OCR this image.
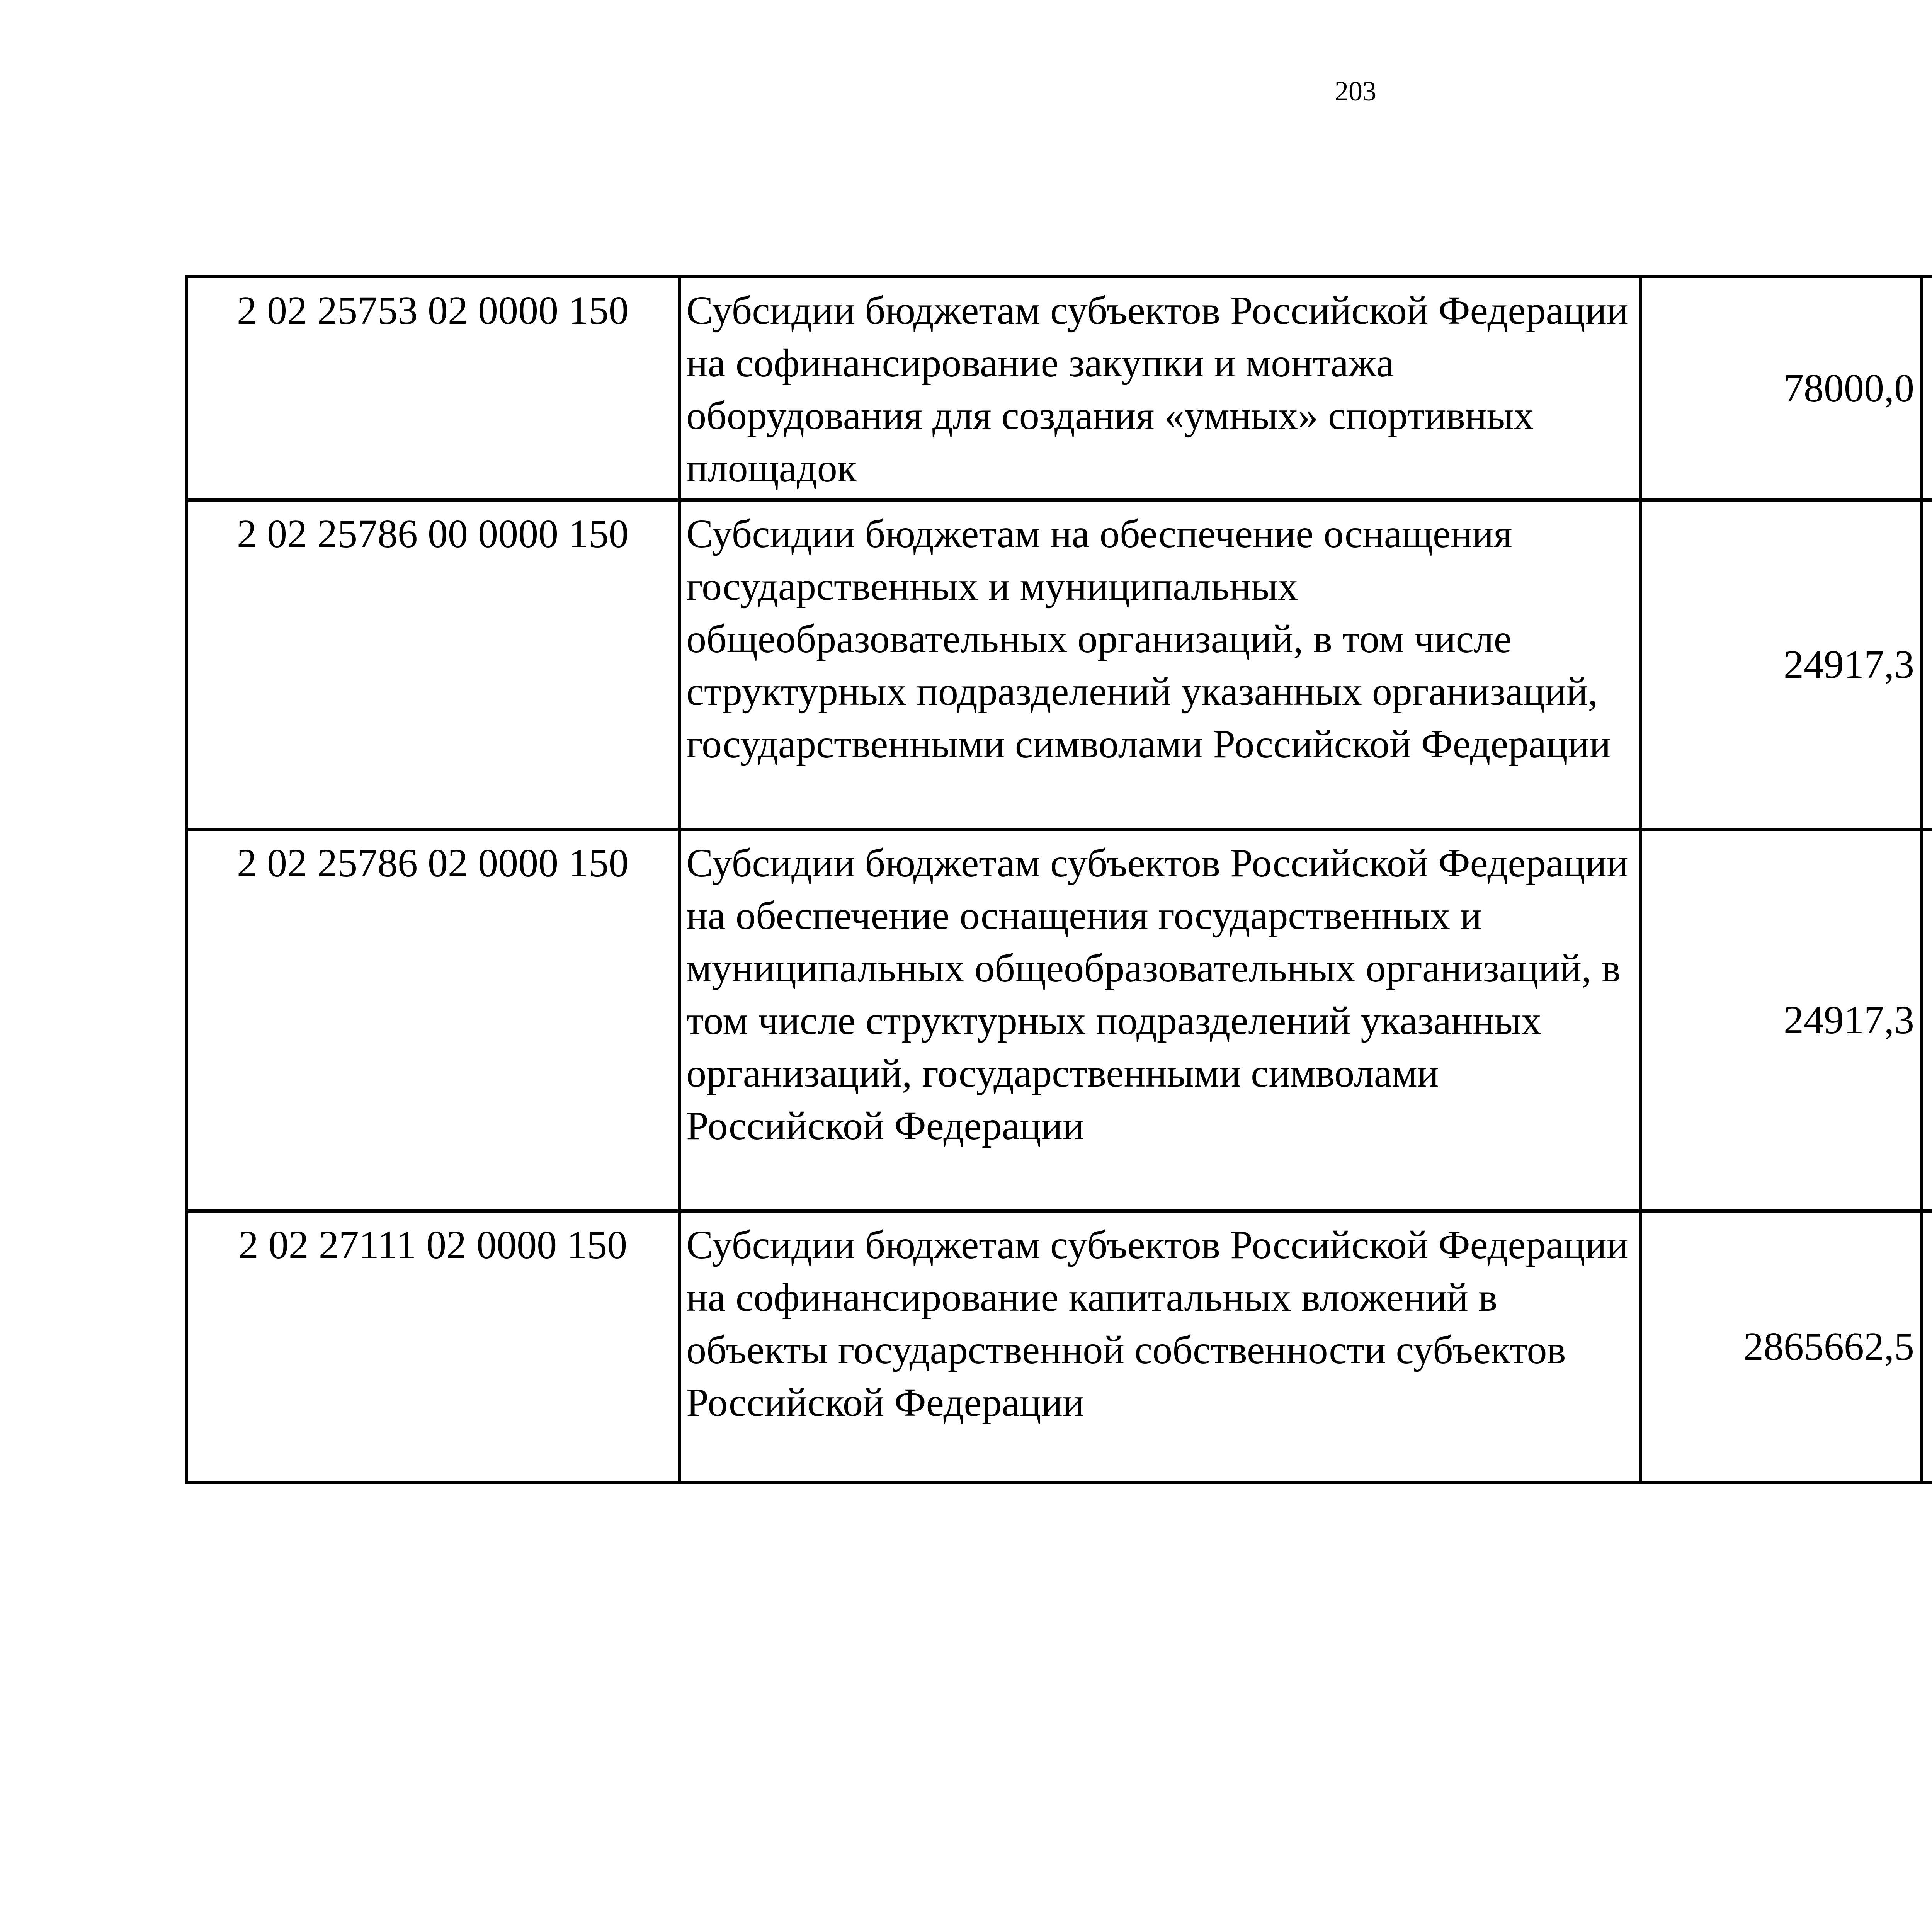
203
2 02 25753 02 0000 150	Субсидии бюджетам субъектов Российской Федерации на софинансирование закупки и монтажа оборудования для создания «умных» спортивных площадок	78000,0		
2 02 25786 00 0000 150	Субсидии бюджетам на обеспечение оснащения государственных и муниципальных общеобразовательных организаций, в том числе структурных подразделений указанных организаций, государственными символами Российской Федерации	24917,3		
2 02 25786 02 0000 150	Субсидии бюджетам субъектов Российской Федерации на обеспечение оснащения государственных и муниципальных общеобразовательных организаций, в том числе структурных подразделений указанных организаций, государственными символами Российской Федерации	24917,3		
2 02 27111 02 0000 150	Субсидии бюджетам субъектов Российской Федерации на софинансирование капитальных вложений в объекты государственной собственности субъектов Российской Федерации	2865662,5		
